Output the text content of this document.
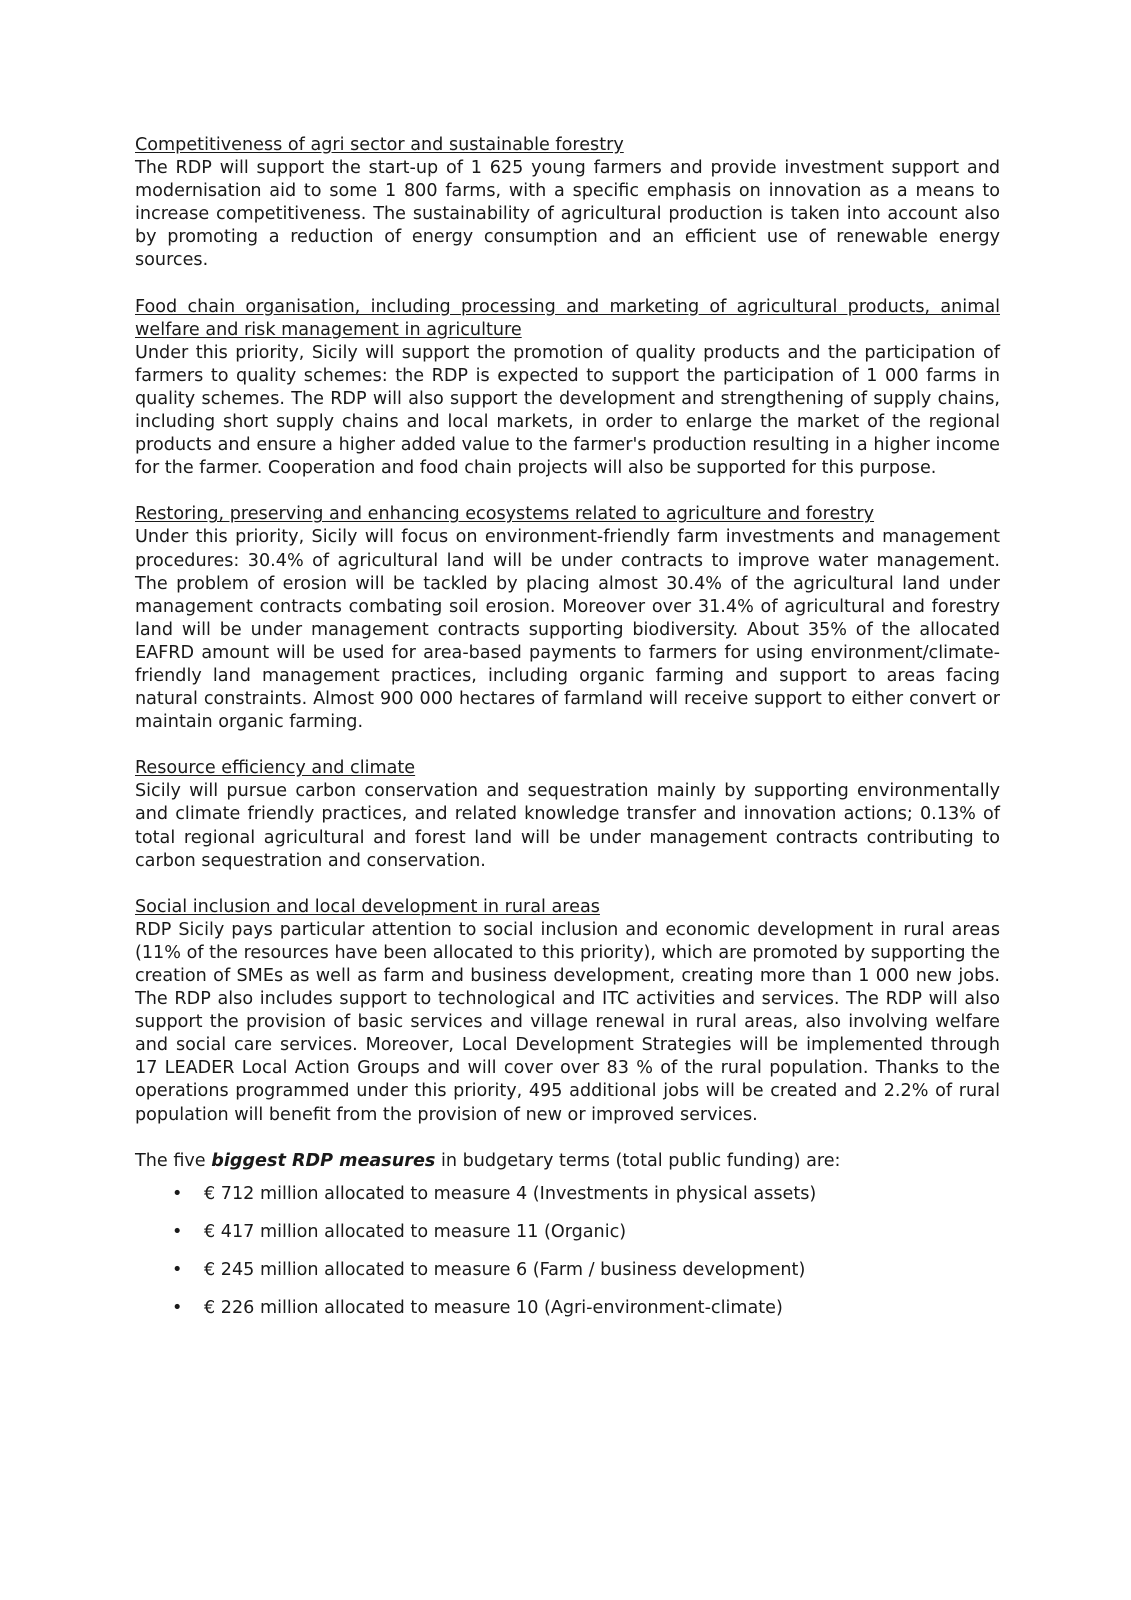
Competitiveness of agri sector and sustainable forestry
The RDP will support the start-up of 1 625 young farmers and provide investment support and modernisation aid to some 1 800 farms, with a specific emphasis on innovation as a means to increase competitiveness. The sustainability of agricultural production is taken into account also by promoting a reduction of energy consumption and an efficient use of renewable energy sources.
Food chain organisation, including processing and marketing of agricultural products, animal welfare and risk management in agriculture
Under this priority, Sicily will support the promotion of quality products and the participation of farmers to quality schemes: the RDP is expected to support the participation of 1 000 farms in quality schemes. The RDP will also support the development and strengthening of supply chains, including short supply chains and local markets, in order to enlarge the market of the regional products and ensure a higher added value to the farmer's production resulting in a higher income for the farmer. Cooperation and food chain projects will also be supported for this purpose.
Restoring, preserving and enhancing ecosystems related to agriculture and forestry
Under this priority, Sicily will focus on environment-friendly farm investments and management procedures: 30.4% of agricultural land will be under contracts to improve water management. The problem of erosion will be tackled by placing almost 30.4% of the agricultural land under management contracts combating soil erosion. Moreover over 31.4% of agricultural and forestry land will be under management contracts supporting biodiversity. About 35% of the allocated EAFRD amount will be used for area-based payments to farmers for using environment/climate-friendly land management practices, including organic farming and support to areas facing natural constraints. Almost 900 000 hectares of farmland will receive support to either convert or maintain organic farming.
Resource efficiency and climate
Sicily will pursue carbon conservation and sequestration mainly by supporting environmentally and climate friendly practices, and related knowledge transfer and innovation actions; 0.13% of total regional agricultural and forest land will be under management contracts contributing to carbon sequestration and conservation.
Social inclusion and local development in rural areas
RDP Sicily pays particular attention to social inclusion and economic development in rural areas (11% of the resources have been allocated to this priority), which are promoted by supporting the creation of SMEs as well as farm and business development, creating more than 1 000 new jobs. The RDP also includes support to technological and ITC activities and services. The RDP will also support the provision of basic services and village renewal in rural areas, also involving welfare and social care services. Moreover, Local Development Strategies will be implemented through 17 LEADER Local Action Groups and will cover over 83 % of the rural population. Thanks to the operations programmed under this priority, 495 additional jobs will be created and 2.2% of rural population will benefit from the provision of new or improved services.
The five biggest RDP measures in budgetary terms (total public funding) are:
• € 712 million allocated to measure 4 (Investments in physical assets)
• € 417 million allocated to measure 11 (Organic)
• € 245 million allocated to measure 6 (Farm / business development)
• € 226 million allocated to measure 10 (Agri-environment-climate)
